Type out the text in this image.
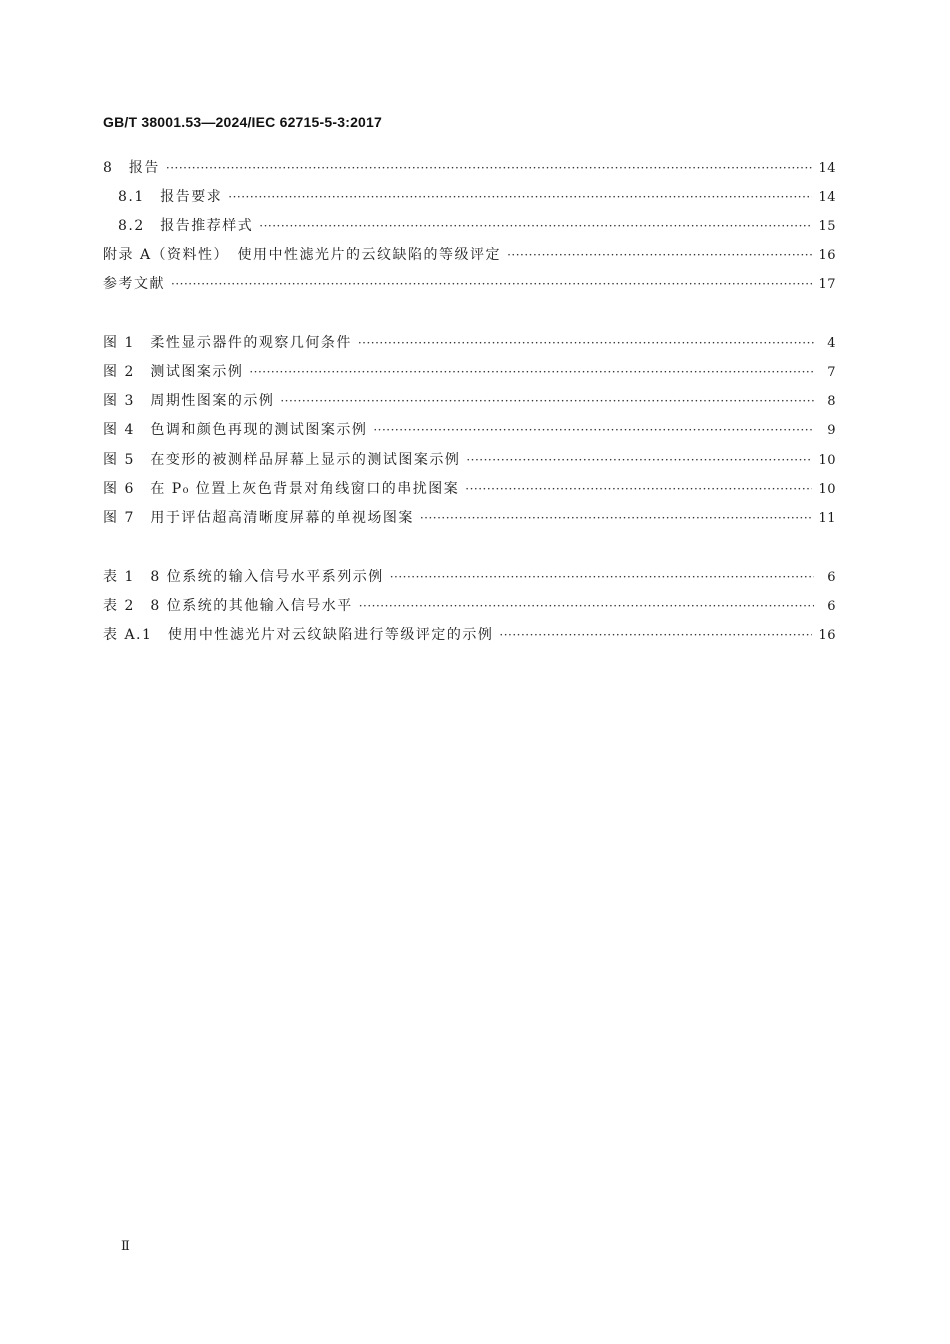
GB/T 38001.53—2024/IEC 62715-5-3:2017
8　报告 ·····	14
8.1　报告要求 ·····	14
8.2　报告推荐样式 ·····	15
附录 A（资料性）　使用中性滤光片的云纹缺陷的等级评定 ·····	16
参考文献 ·····	17
图 1　柔性显示器件的观察几何条件 ·····	4
图 2　测试图案示例 ·····	7
图 3　周期性图案的示例 ·····	8
图 4　色调和颜色再现的测试图案示例 ·····	9
图 5　在变形的被测样品屏幕上显示的测试图案示例 ·····	10
图 6　在 P₀ 位置上灰色背景对角线窗口的串扰图案 ·····	10
图 7　用于评估超高清晰度屏幕的单视场图案 ·····	11
表 1　8 位系统的输入信号水平系列示例 ·····	6
表 2　8 位系统的其他输入信号水平 ·····	6
表 A.1　使用中性滤光片对云纹缺陷进行等级评定的示例 ·····	16
Ⅱ
